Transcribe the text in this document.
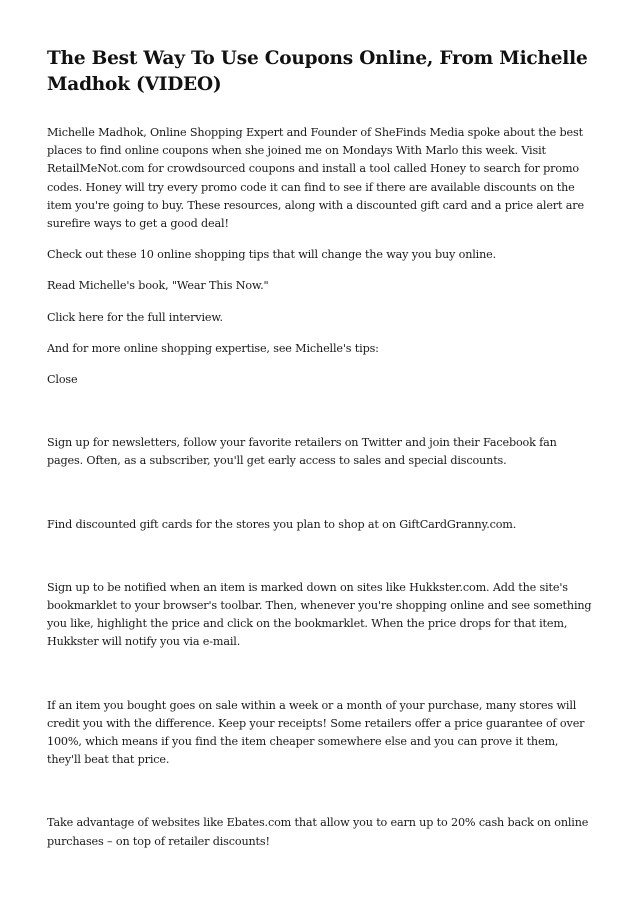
The Best Way To Use Coupons Online, From Michelle Madhok (VIDEO)

Michelle Madhok, Online Shopping Expert and Founder of SheFinds Media spoke about the best places to find online coupons when she joined me on Mondays With Marlo this week. Visit RetailMeNot.com for crowdsourced coupons and install a tool called Honey to search for promo codes. Honey will try every promo code it can find to see if there are available discounts on the item you're going to buy. These resources, along with a discounted gift card and a price alert are surefire ways to get a good deal!

Check out these 10 online shopping tips that will change the way you buy online.

Read Michelle's book, "Wear This Now."

Click here for the full interview.

And for more online shopping expertise, see Michelle's tips:

Close

Sign up for newsletters, follow your favorite retailers on Twitter and join their Facebook fan pages. Often, as a subscriber, you'll get early access to sales and special discounts.

Find discounted gift cards for the stores you plan to shop at on GiftCardGranny.com.

Sign up to be notified when an item is marked down on sites like Hukkster.com. Add the site's bookmarklet to your browser's toolbar. Then, whenever you're shopping online and see something you like, highlight the price and click on the bookmarklet. When the price drops for that item, Hukkster will notify you via e-mail.

If an item you bought goes on sale within a week or a month of your purchase, many stores will credit you with the difference. Keep your receipts! Some retailers offer a price guarantee of over 100%, which means if you find the item cheaper somewhere else and you can prove it them, they'll beat that price.

Take advantage of websites like Ebates.com that allow you to earn up to 20% cash back on online purchases – on top of retailer discounts!
